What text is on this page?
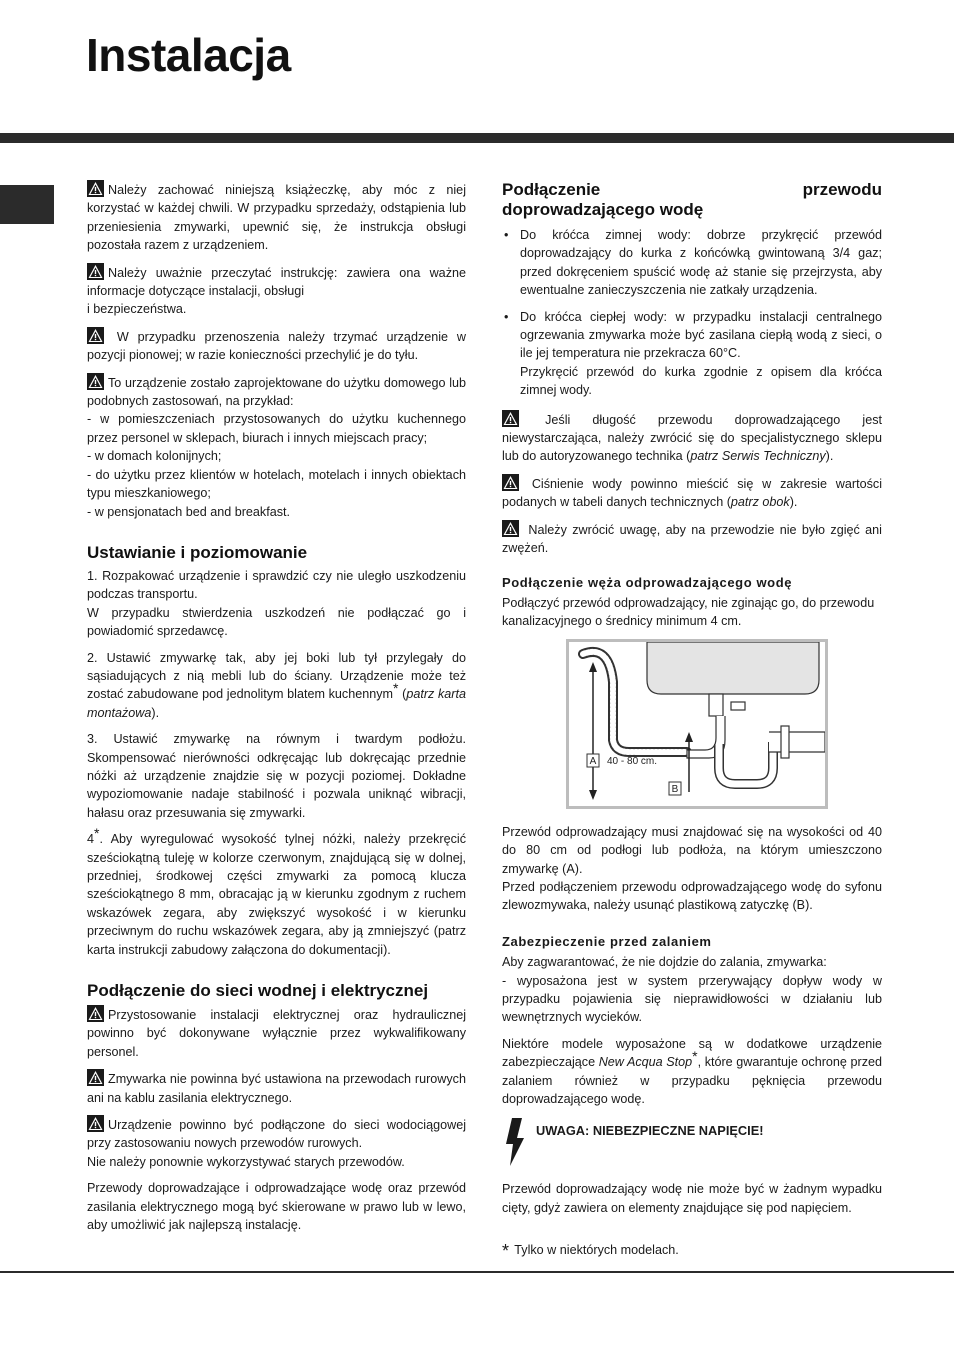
Instalacja
Należy zachować niniejszą książeczkę, aby móc z niej korzystać w każdej chwili. W przypadku sprzedaży, odstąpienia lub przeniesienia zmywarki, upewnić się, że instrukcja obsługi pozostała razem z urządzeniem.
Należy uważnie przeczytać instrukcję: zawiera ona ważne informacje dotyczące instalacji, obsługi

i bezpieczeństwa.

W przypadku przenoszenia należy trzymać urządzenie w pozycji pionowej; w razie konieczności przechylić je do tyłu.
To urządzenie zostało zaprojektowane do użytku domowego lub podobnych zastosowań, na przykład:

- w pomieszczeniach przystosowanych do użytku kuchennego przez personel w sklepach, biurach i innych miejscach pracy;

- w domach kolonijnych;

- do użytku przez klientów w hotelach, motelach i innych obiektach typu mieszkaniowego;

- w pensjonatach bed and breakfast.

Ustawianie i poziomowanie

1. Rozpakować urządzenie i sprawdzić czy nie uległo uszkodzeniu podczas transportu.

W przypadku stwierdzenia uszkodzeń nie podłączać go i powiadomić sprzedawcę.

2. Ustawić zmywarkę tak, aby jej boki lub tył przylegały do sąsiadujących z nią mebli lub do ściany. Urządzenie może też zostać zabudowane pod jednolitym blatem kuchennym* (patrz karta montażowa).

3. Ustawić zmywarkę na równym i twardym podłożu. Skompensować nierówności odkręcając lub dokręcając przednie nóżki aż urządzenie znajdzie się w pozycji poziomej. Dokładne wypoziomowanie nadaje stabilność i pozwala uniknąć wibracji, hałasu oraz przesuwania się zmywarki.

4*. Aby wyregulować wysokość tylnej nóżki, należy przekręcić sześciokątną tuleję w kolorze czerwonym, znajdującą się w dolnej, przedniej, środkowej części zmywarki za pomocą klucza sześciokątnego 8 mm, obracając ją w kierunku zgodnym z ruchem wskazówek zegara, aby zwiększyć wysokość i w kierunku przeciwnym do ruchu wskazówek zegara, aby ją zmniejszyć (patrz karta instrukcji zabudowy załączona do dokumentacji).

Podłączenie do sieci wodnej i elektrycznej
Przystosowanie instalacji elektrycznej oraz hydraulicznej powinno być dokonywane wyłącznie przez wykwalifikowany personel.
Zmywarka nie powinna być ustawiona na przewodach rurowych ani na kablu zasilania elektrycznego.
Urządzenie powinno być podłączone do sieci wodociągowej przy zastosowaniu nowych przewodów rurowych.

Nie należy ponownie wykorzystywać starych przewodów.

Przewody doprowadzające i odprowadzające wodę oraz przewód zasilania elektrycznego mogą być skierowane w prawo lub w lewo, aby umożliwić jak najlepszą instalację.

Podłączenie	przewodu
doprowadzającego wodę
• Do króćca zimnej wody: dobrze przykręcić przewód doprowadzający do kurka z końcówką gwintowaną 3/4 gaz; przed dokręceniem spuścić wodę aż stanie się przejrzysta, aby ewentualne zanieczyszczenia nie zatkały urządzenia.
• Do króćca ciepłej wody: w przypadku instalacji centralnego ogrzewania zmywarka może być zasilana ciepłą wodą z sieci, o ile jej temperatura nie przekracza 60°C.
Przykręcić przewód do kurka zgodnie z opisem dla króćca zimnej wody.
Jeśli długość przewodu doprowadzającego jest niewystarczająca, należy zwrócić się do specjalistycznego sklepu lub do autoryzowanego technika (patrz Serwis Techniczny).
Ciśnienie wody powinno mieścić się w zakresie wartości podanych w tabeli danych technicznych (patrz obok).
Należy zwrócić uwagę, aby na przewodzie nie było zgięć ani zwężeń.
Podłączenie węża odprowadzającego wodę

Podłączyć przewód odprowadzający, nie zginając go, do przewodu kanalizacyjnego o średnicy minimum 4 cm.

A 40 - 80 cm.
B

Przewód odprowadzający musi znajdować się na wysokości od 40 do 80 cm od podłogi lub podłoża, na którym umieszczono zmywarkę (A).

Przed podłączeniem przewodu odprowadzającego wodę do syfonu zlewozmywaka, należy usunąć plastikową zatyczkę (B).

Zabezpieczenie przed zalaniem

Aby zagwarantować, że nie dojdzie do zalania, zmywarka:

- wyposażona jest w system przerywający dopływ wody w przypadku pojawienia się nieprawidłowości w działaniu lub wewnętrznych wycieków.

Niektóre modele wyposażone są w dodatkowe urządzenie zabezpieczające New Acqua Stop*, które gwarantuje ochronę przed zalaniem również w przypadku pęknięcia przewodu doprowadzającego wodę.

UWAGA: NIEBEZPIECZNE NAPIĘCIE!

Przewód doprowadzający wodę nie może być w żadnym wypadku cięty, gdyż zawiera on elementy znajdujące się pod napięciem.

* Tylko w niektórych modelach.
